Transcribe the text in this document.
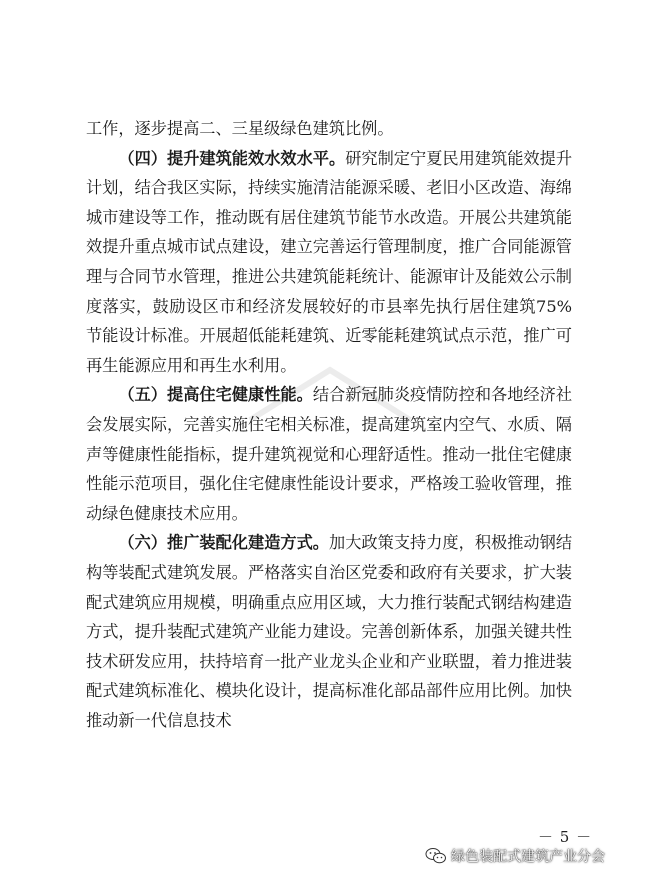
工作，逐步提高二、三星级绿色建筑比例。

（四）提升建筑能效水效水平。研究制定宁夏民用建筑能效提升计划，结合我区实际，持续实施清洁能源采暖、老旧小区改造、海绵城市建设等工作，推动既有居住建筑节能节水改造。开展公共建筑能效提升重点城市试点建设，建立完善运行管理制度，推广合同能源管理与合同节水管理，推进公共建筑能耗统计、能源审计及能效公示制度落实，鼓励设区市和经济发展较好的市县率先执行居住建筑75%节能设计标准。开展超低能耗建筑、近零能耗建筑试点示范，推广可再生能源应用和再生水利用。

（五）提高住宅健康性能。结合新冠肺炎疫情防控和各地经济社会发展实际，完善实施住宅相关标准，提高建筑室内空气、水质、隔声等健康性能指标，提升建筑视觉和心理舒适性。推动一批住宅健康性能示范项目，强化住宅健康性能设计要求，严格竣工验收管理，推动绿色健康技术应用。

（六）推广装配化建造方式。加大政策支持力度，积极推动钢结构等装配式建筑发展。严格落实自治区党委和政府有关要求，扩大装配式建筑应用规模，明确重点应用区域，大力推行装配式钢结构建造方式，提升装配式建筑产业能力建设。完善创新体系，加强关键共性技术研发应用，扶持培育一批产业龙头企业和产业联盟，着力推进装配式建筑标准化、模块化设计，提高标准化部品部件应用比例。加快推动新一代信息技术

－ 5 －
绿色装配式建筑产业分会
